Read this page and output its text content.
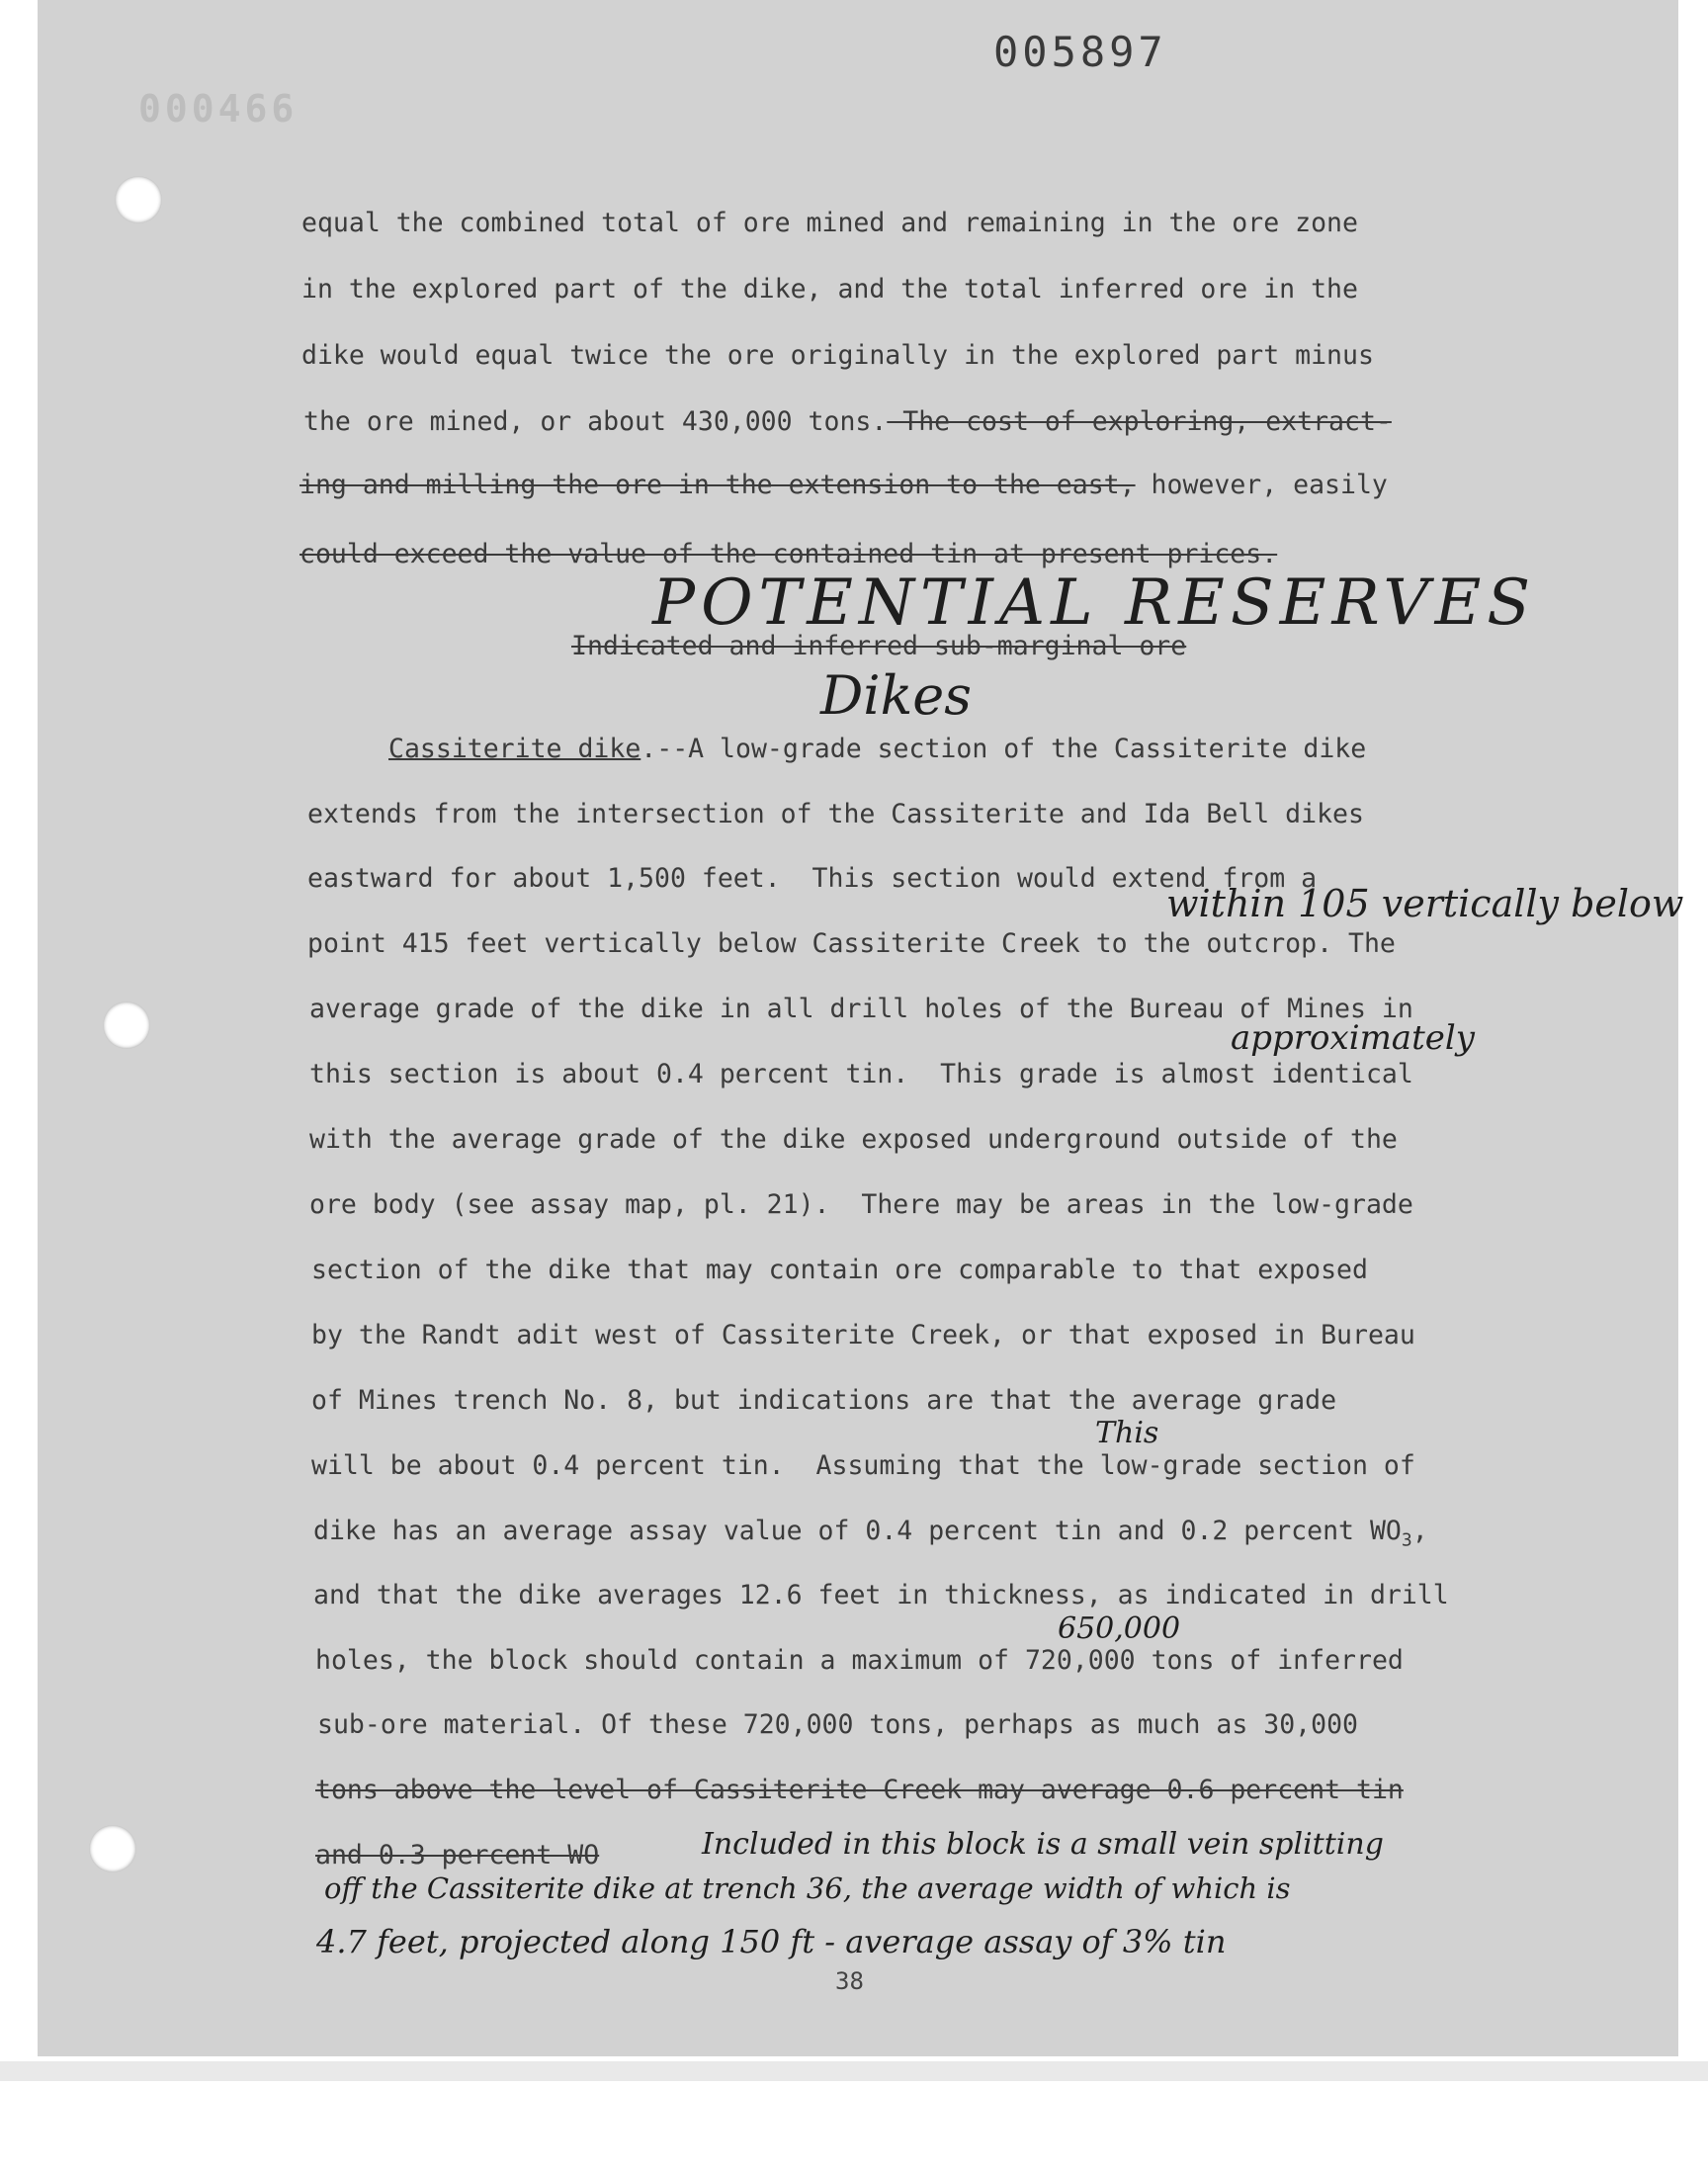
005897
000466
equal the combined total of ore mined and remaining in the ore zone
in the explored part of the dike, and the total inferred ore in the
dike would equal twice the ore originally in the explored part minus
the ore mined, or about 430,000 tons. The cost of exploring, extract-
ing and milling the ore in the extension to the east, however, easily
could exceed the value of the contained tin at present prices.
POTENTIAL RESERVES
Indicated and inferred sub-marginal ore
Dikes
Cassiterite dike.--A low-grade section of the Cassiterite dike
extends from the intersection of the Cassiterite and Ida Bell dikes
eastward for about 1,500 feet.  This section would extend from a
within 105 vertically below
point 415 feet vertically below Cassiterite Creek to the outcrop. The
average grade of the dike in all drill holes of the Bureau of Mines in
approximately
this section is about 0.4 percent tin.  This grade is almost identical
with the average grade of the dike exposed underground outside of the
ore body (see assay map, pl. 21).  There may be areas in the low-grade
section of the dike that may contain ore comparable to that exposed
by the Randt adit west of Cassiterite Creek, or that exposed in Bureau
of Mines trench No. 8, but indications are that the average grade
This
will be about 0.4 percent tin.  Assuming that the low-grade section of
dike has an average assay value of 0.4 percent tin and 0.2 percent $WO_3$,
and that the dike averages 12.6 feet in thickness, as indicated in drill
650,000
holes, the block should contain a maximum of 720,000 tons of inferred
sub-ore material. Of these 720,000 tons, perhaps as much as 30,000
tons above the level of Cassiterite Creek may average 0.6 percent tin
and 0.3 percent WO	Included in this block is a small vein splitting
off the Cassiterite dike at trench 36, the average width of which is
4.7 feet, projected along 150 ft - average assay of 3% tin
38
